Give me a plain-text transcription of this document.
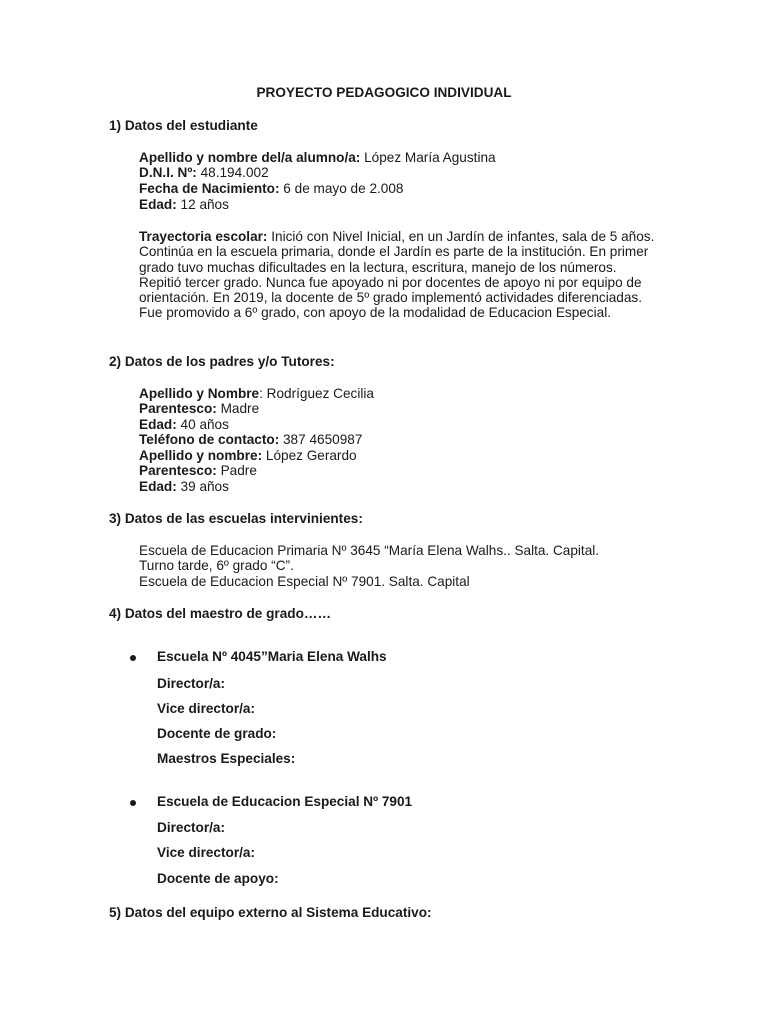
PROYECTO PEDAGOGICO INDIVIDUAL
1) Datos del estudiante
Apellido y nombre del/a alumno/a: López María Agustina
D.N.I. Nº: 48.194.002
Fecha de Nacimiento: 6 de mayo de 2.008
Edad: 12 años
Trayectoria escolar: Inició con Nivel Inicial, en un Jardín de infantes, sala de 5 años. Continúa en la escuela primaria, donde el Jardín es parte de la institución. En primer grado tuvo muchas dificultades en la lectura, escritura, manejo de los números. Repitió tercer grado. Nunca fue apoyado ni por docentes de apoyo ni por equipo de orientación. En 2019, la docente de 5º grado implementó actividades diferenciadas. Fue promovido a 6º grado, con apoyo de la modalidad de Educacion Especial.
2) Datos de los padres y/o Tutores:
Apellido y Nombre: Rodríguez Cecilia
Parentesco: Madre
Edad: 40 años
Teléfono de contacto: 387 4650987
Apellido y nombre: López Gerardo
Parentesco: Padre
Edad: 39 años
3) Datos de las escuelas intervinientes:
Escuela de Educacion Primaria Nº 3645 “María Elena Walhs.. Salta. Capital.
Turno tarde, 6º grado “C”.
Escuela de Educacion Especial Nº 7901. Salta. Capital
4) Datos del maestro de grado……
Escuela Nº 4045”Maria Elena Walhs
Director/a:
Vice director/a:
Docente de grado:
Maestros Especiales:
Escuela de Educacion Especial Nº 7901
Director/a:
Vice director/a:
Docente de apoyo:
5) Datos del equipo externo al Sistema Educativo:
